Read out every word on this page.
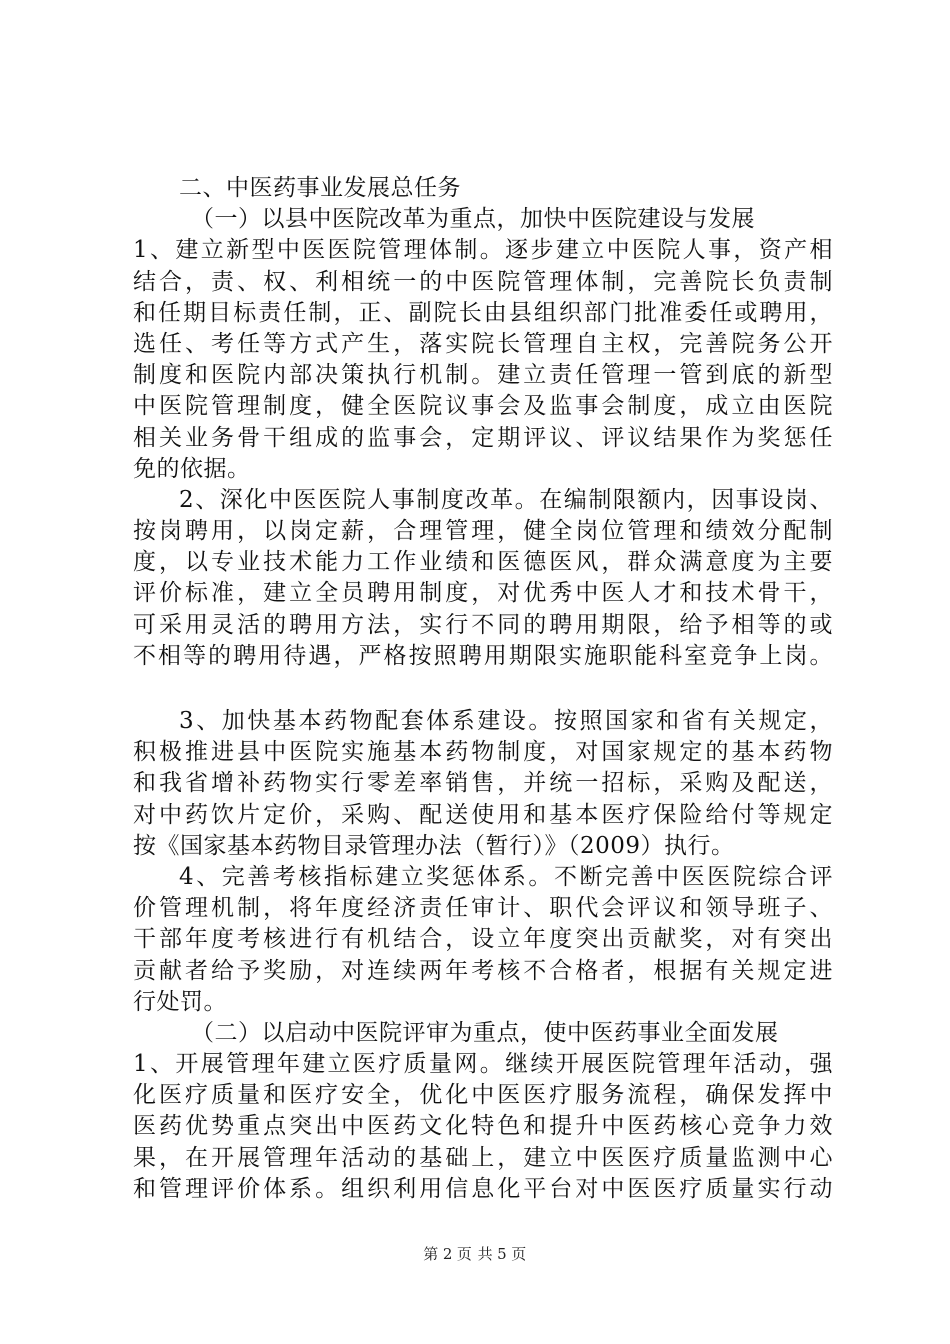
二、中医药事业发展总任务
（一）以县中医院改革为重点，加快中医院建设与发展
1、建立新型中医医院管理体制。逐步建立中医院人事，资产相
结合，责、权、利相统一的中医院管理体制，完善院长负责制
和任期目标责任制，正、副院长由县组织部门批准委任或聘用，
选任、考任等方式产生，落实院长管理自主权，完善院务公开
制度和医院内部决策执行机制。建立责任管理一管到底的新型
中医院管理制度，健全医院议事会及监事会制度，成立由医院
相关业务骨干组成的监事会，定期评议、评议结果作为奖惩任
免的依据。
2、深化中医医院人事制度改革。在编制限额内，因事设岗、
按岗聘用，以岗定薪，合理管理，健全岗位管理和绩效分配制
度，以专业技术能力工作业绩和医德医风，群众满意度为主要
评价标准，建立全员聘用制度，对优秀中医人才和技术骨干，
可采用灵活的聘用方法，实行不同的聘用期限，给予相等的或
不相等的聘用待遇，严格按照聘用期限实施职能科室竞争上岗。
3、加快基本药物配套体系建设。按照国家和省有关规定，
积极推进县中医院实施基本药物制度，对国家规定的基本药物
和我省增补药物实行零差率销售，并统一招标，采购及配送，
对中药饮片定价，采购、配送使用和基本医疗保险给付等规定
按《国家基本药物目录管理办法（暂行）》（2009）执行。
4、完善考核指标建立奖惩体系。不断完善中医医院综合评
价管理机制，将年度经济责任审计、职代会评议和领导班子、
干部年度考核进行有机结合，设立年度突出贡献奖，对有突出
贡献者给予奖励，对连续两年考核不合格者，根据有关规定进
行处罚。
（二）以启动中医院评审为重点，使中医药事业全面发展
1、开展管理年建立医疗质量网。继续开展医院管理年活动，强
化医疗质量和医疗安全，优化中医医疗服务流程，确保发挥中
医药优势重点突出中医药文化特色和提升中医药核心竞争力效
果，在开展管理年活动的基础上，建立中医医疗质量监测中心
和管理评价体系。组织利用信息化平台对中医医疗质量实行动
第 2 页 共 5 页
